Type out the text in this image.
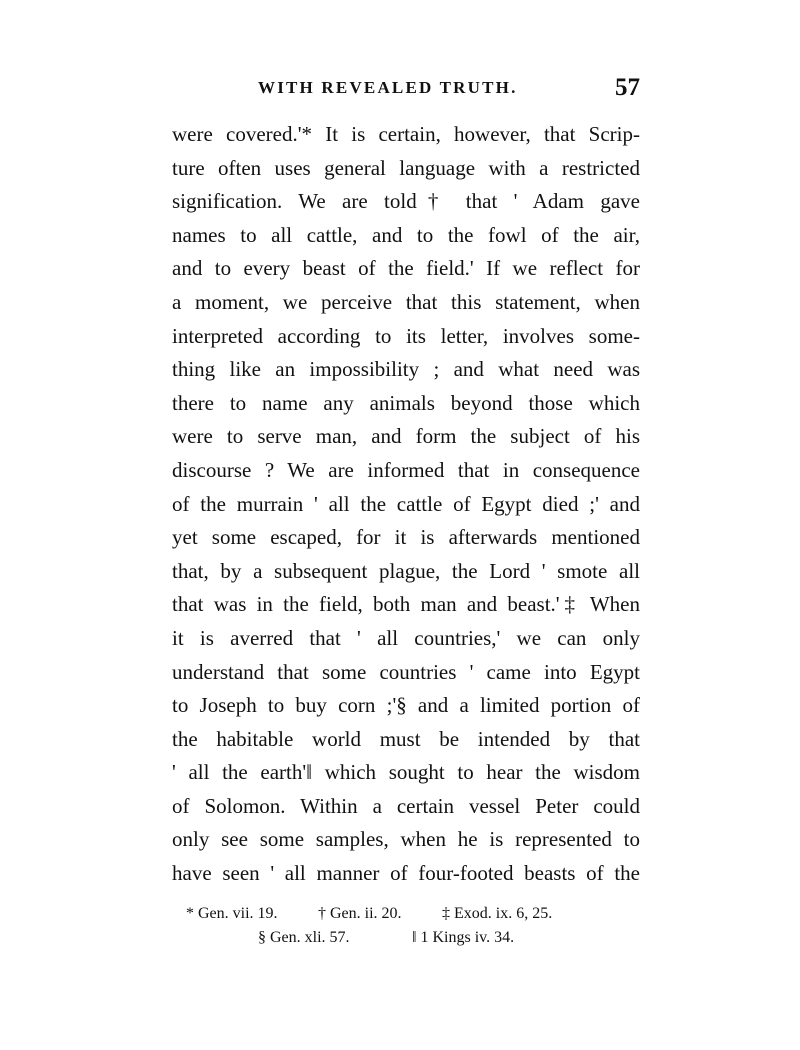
WITH REVEALED TRUTH.	57
were covered.'* It is certain, however, that Scrip-
ture often uses general language with a restricted
signification. We are told† that ' Adam gave
names to all cattle, and to the fowl of the air,
and to every beast of the field.' If we reflect for
a moment, we perceive that this statement, when
interpreted according to its letter, involves some-
thing like an impossibility ; and what need was
there to name any animals beyond those which
were to serve man, and form the subject of his
discourse ? We are informed that in consequence
of the murrain ' all the cattle of Egypt died ;' and
yet some escaped, for it is afterwards mentioned
that, by a subsequent plague, the Lord ' smote all
that was in the field, both man and beast.'‡ When
it is averred that ' all countries,' we can only
understand that some countries ' came into Egypt
to Joseph to buy corn ;'§ and a limited portion of
the habitable world must be intended by that
' all the earth'‖ which sought to hear the wisdom
of Solomon. Within a certain vessel Peter could
only see some samples, when he is represented to
have seen ' all manner of four-footed beasts of the
* Gen. vii. 19.	† Gen. ii. 20.	‡ Exod. ix. 6, 25.
§ Gen. xli. 57.	‖ 1 Kings iv. 34.
